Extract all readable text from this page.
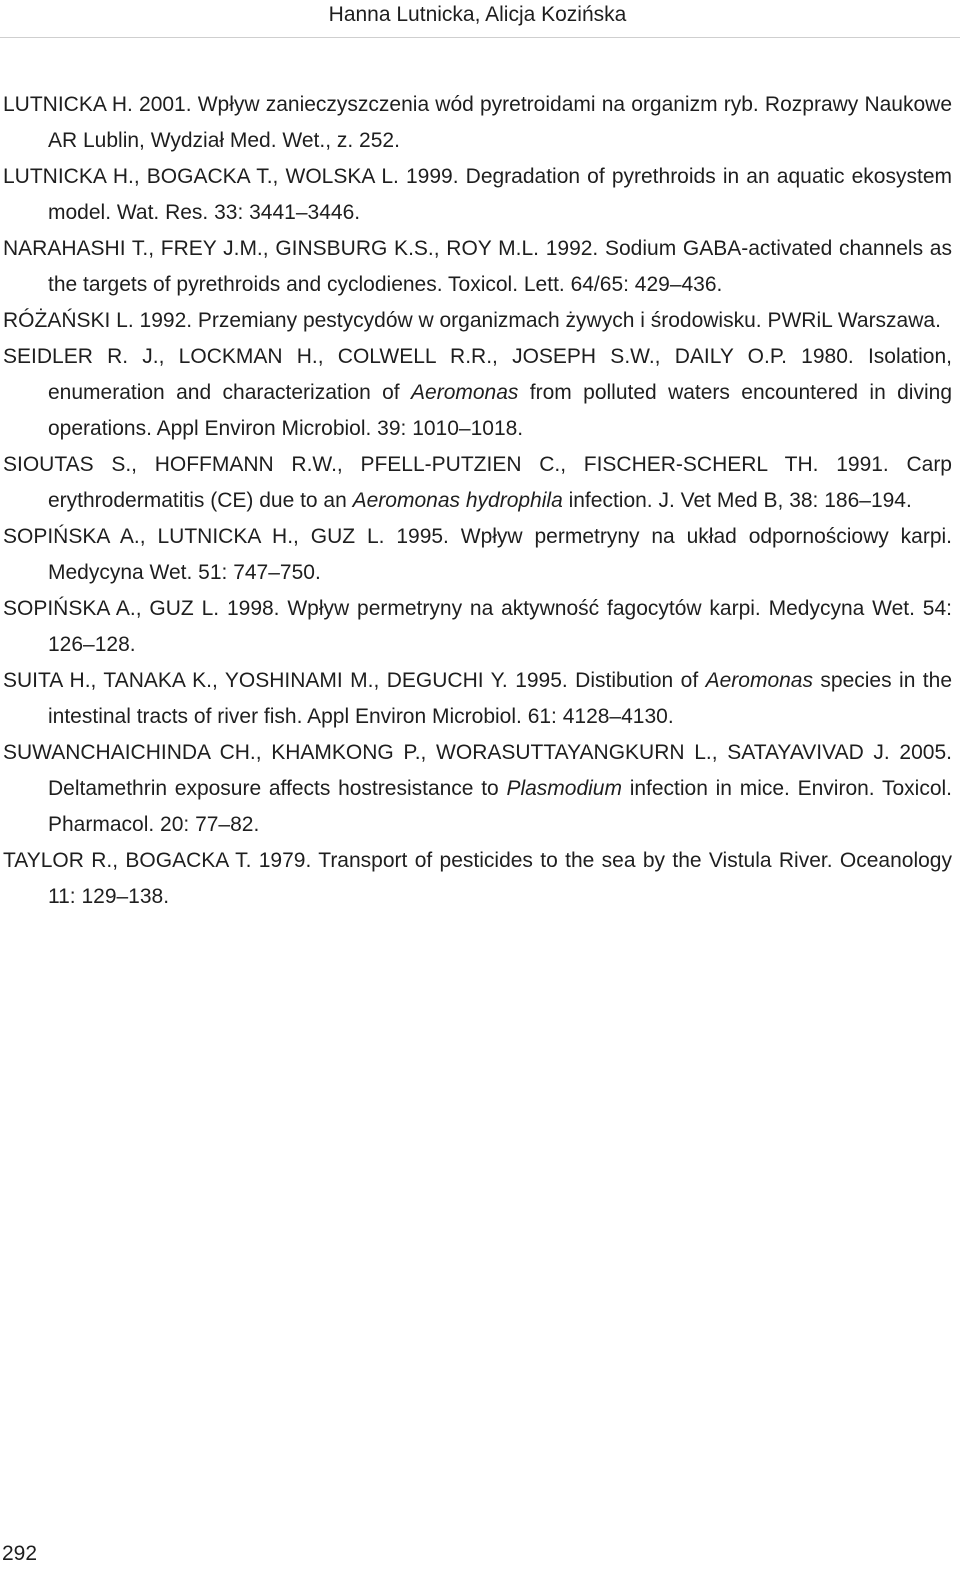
Hanna Lutnicka, Alicja Kozińska
LUTNICKA H. 2001. Wpływ zanieczyszczenia wód pyretroidami na organizm ryb. Rozprawy Naukowe AR Lublin, Wydział Med. Wet., z. 252.
LUTNICKA H., BOGACKA T., WOLSKA L. 1999. Degradation of pyrethroids in an aquatic ekosystem model. Wat. Res. 33: 3441–3446.
NARAHASHI T., FREY J.M., GINSBURG K.S., ROY M.L. 1992. Sodium GABA-activated channels as the targets of pyrethroids and cyclodienes. Toxicol. Lett. 64/65: 429–436.
RÓŻAŃSKI L. 1992. Przemiany pestycydów w organizmach żywych i środowisku. PWRiL Warszawa.
SEIDLER R. J., LOCKMAN H., COLWELL R.R., JOSEPH S.W., DAILY O.P. 1980. Isolation, enumeration and characterization of Aeromonas from polluted waters encountered in diving operations. Appl Environ Microbiol. 39: 1010–1018.
SIOUTAS S., HOFFMANN R.W., PFELL-PUTZIEN C., FISCHER-SCHERL TH. 1991. Carp erythrodermatitis (CE) due to an Aeromonas hydrophila infection. J. Vet Med B, 38: 186–194.
SOPIŃSKA A., LUTNICKA H., GUZ L. 1995. Wpływ permetryny na układ odpornościowy karpi. Medycyna Wet. 51: 747–750.
SOPIŃSKA A., GUZ L. 1998. Wpływ permetryny na aktywność fagocytów karpi. Medycyna Wet. 54: 126–128.
SUITA H., TANAKA K., YOSHINAMI M., DEGUCHI Y. 1995. Distibution of Aeromonas species in the intestinal tracts of river fish. Appl Environ Microbiol. 61: 4128–4130.
SUWANCHAICHINDA CH., KHAMKONG P., WORASUTTAYANGKURN L., SATAYAVIVAD J. 2005. Deltamethrin exposure affects hostresistance to Plasmodium infection in mice. Environ. Toxicol. Pharmacol. 20: 77–82.
TAYLOR R., BOGACKA T. 1979. Transport of pesticides to the sea by the Vistula River. Oceanology 11: 129–138.
292
